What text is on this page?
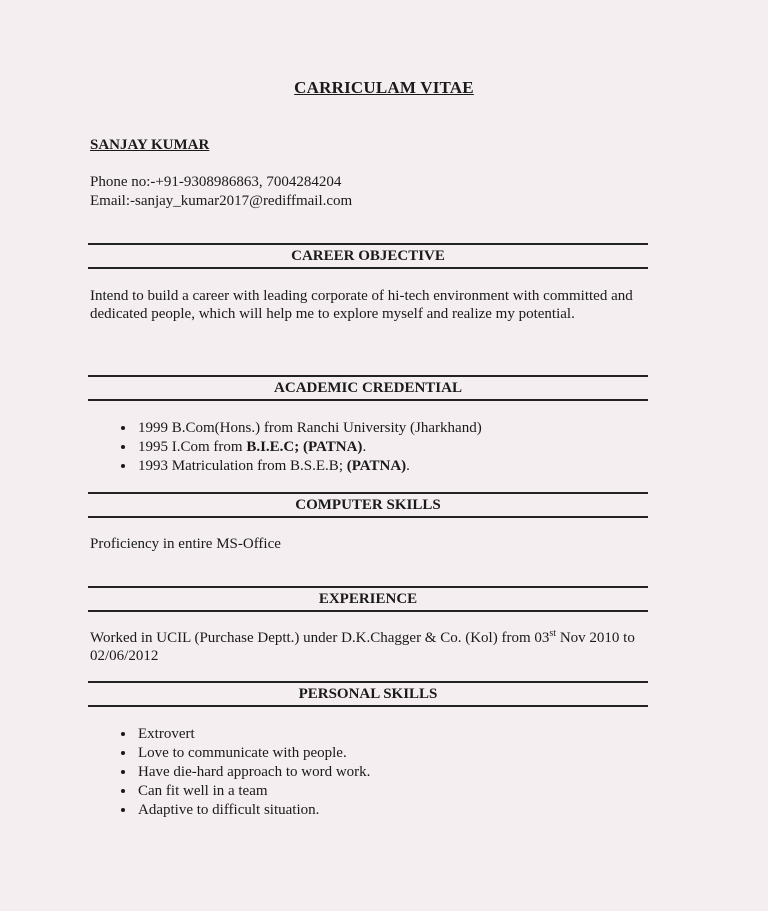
CARRICULAM VITAE
SANJAY KUMAR
Phone no:-+91-9308986863, 7004284204
Email:-sanjay_kumar2017@rediffmail.com
CAREER OBJECTIVE
Intend to build a career with leading corporate of hi-tech environment with committed and dedicated people, which will help me to explore myself and realize my potential.
ACADEMIC CREDENTIAL
• 1999 B.Com(Hons.) from Ranchi University (Jharkhand)
• 1995 I.Com from B.I.E.C; (PATNA).
• 1993 Matriculation from B.S.E.B; (PATNA).
COMPUTER SKILLS
Proficiency in entire MS-Office
EXPERIENCE
Worked in UCIL (Purchase Deptt.) under D.K.Chagger & Co. (Kol) from 03st Nov 2010 to 02/06/2012
PERSONAL SKILLS
• Extrovert
• Love to communicate with people.
• Have die-hard approach to word work.
• Can fit well in a team
• Adaptive to difficult situation.
